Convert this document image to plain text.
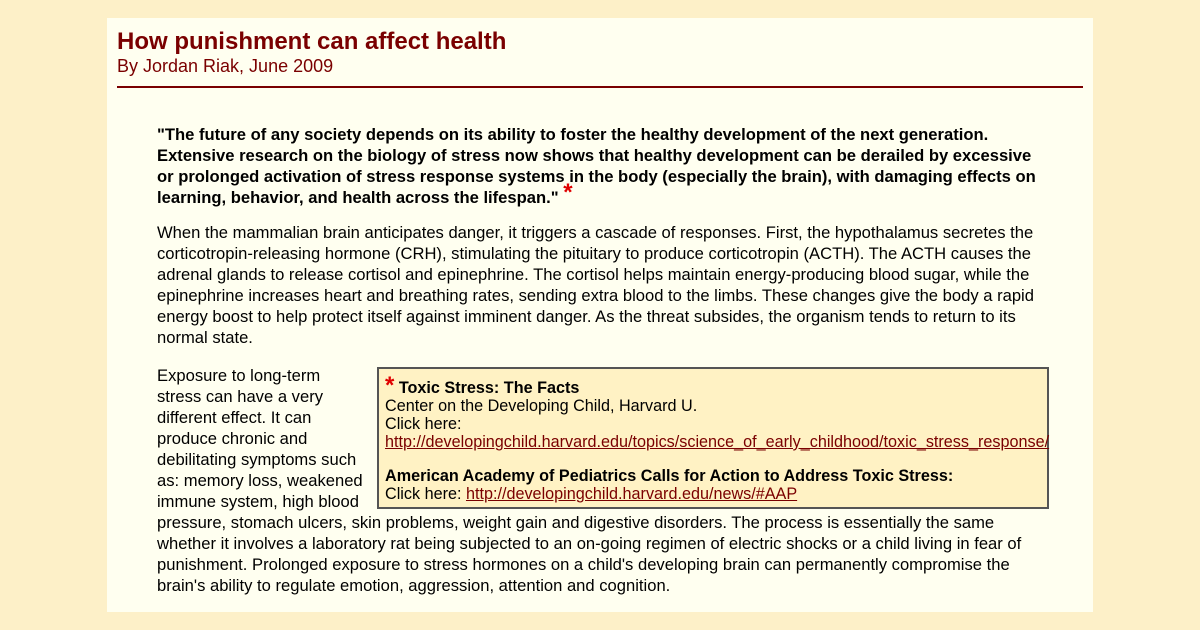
How punishment can affect health
By Jordan Riak, June 2009

"The future of any society depends on its ability to foster the healthy development of the next generation. Extensive research on the biology of stress now shows that healthy development can be derailed by excessive or prolonged activation of stress response systems in the body (especially the brain), with damaging effects on learning, behavior, and health across the lifespan." *

When the mammalian brain anticipates danger, it triggers a cascade of responses. First, the hypothalamus secretes the corticotropin-releasing hormone (CRH), stimulating the pituitary to produce corticotropin (ACTH). The ACTH causes the adrenal glands to release cortisol and epinephrine. The cortisol helps maintain energy-producing blood sugar, while the epinephrine increases heart and breathing rates, sending extra blood to the limbs. These changes give the body a rapid energy boost to help protect itself against imminent danger. As the threat subsides, the organism tends to return to its normal state.

* Toxic Stress: The Facts
Center on the Developing Child, Harvard U.
Click here:
http://developingchild.harvard.edu/topics/science_of_early_childhood/toxic_stress_response/
American Academy of Pediatrics Calls for Action to Address Toxic Stress:
Click here: http://developingchild.harvard.edu/news/#AAP

Exposure to long-term stress can have a very different effect. It can produce chronic and debilitating symptoms such as: memory loss, weakened immune system, high blood pressure, stomach ulcers, skin problems, weight gain and digestive disorders. The process is essentially the same whether it involves a laboratory rat being subjected to an on-going regimen of electric shocks or a child living in fear of punishment. Prolonged exposure to stress hormones on a child's developing brain can permanently compromise the brain's ability to regulate emotion, aggression, attention and cognition.
